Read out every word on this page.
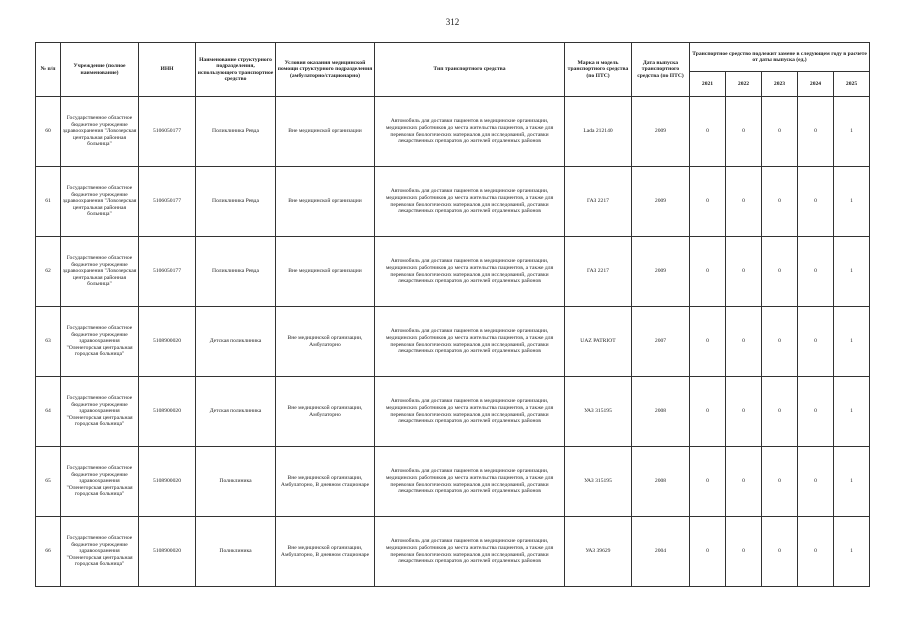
312
№ п/п	Учреждение (полное наименование)	ИНН	Наименование структурного подразделения, использующего транспортное средство	Условия оказания медицинской помощи структурного подразделения (амбулаторно/стационарно)	Тип транспортного средства	Марка и модель транспортного средства (по ПТС)	Дата выпуска транспортного средства (по ПТС)	Транспортное средство подлежит замене в следующем году в расчете от даты выпуска (ед.)				
								2021	2022	2023	2024	2025
60	Государственное областное бюджетное учреждение здравоохранения "Ловозерская центральная районная больница"	5106050177	Поликлиника Ревда	Вне медицинской организации	Автомобиль для доставки пациентов в медицинские организации, медицинских работников до места жительства пациентов, а также для перевозки биологических материалов для исследований, доставки лекарственных препаратов до жителей отдаленных районов	Lada 212140	2009	0	0	0	0	1
61	Государственное областное бюджетное учреждение здравоохранения "Ловозерская центральная районная больница"	5106050177	Поликлиника Ревда	Вне медицинской организации	Автомобиль для доставки пациентов в медицинские организации, медицинских работников до места жительства пациентов, а также для перевозки биологических материалов для исследований, доставки лекарственных препаратов до жителей отдаленных районов	ГАЗ 2217	2009	0	0	0	0	1
62	Государственное областное бюджетное учреждение здравоохранения "Ловозерская центральная районная больница"	5106050177	Поликлиника Ревда	Вне медицинской организации	Автомобиль для доставки пациентов в медицинские организации, медицинских работников до места жительства пациентов, а также для перевозки биологических материалов для исследований, доставки лекарственных препаратов до жителей отдаленных районов	ГАЗ 2217	2009	0	0	0	0	1
63	Государственное областное бюджетное учреждение здравоохранения "Оленегорская центральная городская больница"	5108900020	Детская поликлиника	Вне медицинской организации, Амбулаторно	Автомобиль для доставки пациентов в медицинские организации, медицинских работников до места жительства пациентов, а также для перевозки биологических материалов для исследований, доставки лекарственных препаратов до жителей отдаленных районов	UAZ PATRIOT	2007	0	0	0	0	1
64	Государственное областное бюджетное учреждение здравоохранения "Оленегорская центральная городская больница"	5108900020	Детская поликлиника	Вне медицинской организации, Амбулаторно	Автомобиль для доставки пациентов в медицинские организации, медицинских работников до места жительства пациентов, а также для перевозки биологических материалов для исследований, доставки лекарственных препаратов до жителей отдаленных районов	УАЗ 315195	2008	0	0	0	0	1
65	Государственное областное бюджетное учреждение здравоохранения "Оленегорская центральная городская больница"	5108900020	Поликлиника	Вне медицинской организации, Амбулаторно, В дневном стационаре	Автомобиль для доставки пациентов в медицинские организации, медицинских работников до места жительства пациентов, а также для перевозки биологических материалов для исследований, доставки лекарственных препаратов до жителей отдаленных районов	УАЗ 315195	2008	0	0	0	0	1
66	Государственное областное бюджетное учреждение здравоохранения "Оленегорская центральная городская больница"	5108900020	Поликлиника	Вне медицинской организации, Амбулаторно, В дневном стационаре	Автомобиль для доставки пациентов в медицинские организации, медицинских работников до места жительства пациентов, а также для перевозки биологических материалов для исследований, доставки лекарственных препаратов до жителей отдаленных районов	УАЗ 39629	2004	0	0	0	0	1
